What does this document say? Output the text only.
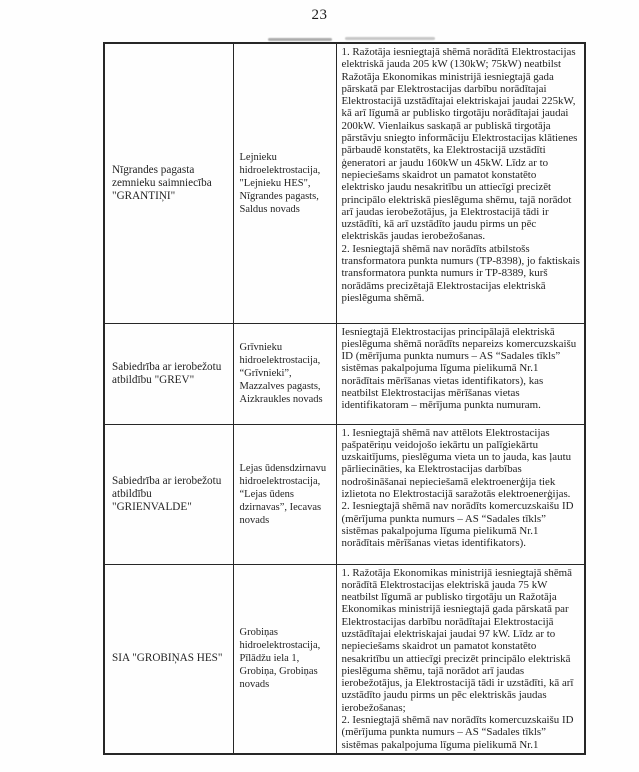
23
Nīgrandes pagasta zemnieku saimniecība "GRANTIŅI"	Lejnieku hidroelektrostacija, "Lejnieku HES", Nīgrandes pagasts, Saldus novads	1. Ražotāja iesniegtajā shēmā norādītā Elektrostacijas elektriskā jauda 205 kW (130kW; 75kW) neatbilst Ražotāja Ekonomikas ministrijā iesniegtajā gada pārskatā par Elektrostacijas darbību norādītajai Elektrostacijā uzstādītajai elektriskajai jaudai 225kW, kā arī līgumā ar publisko tirgotāju norādītajai jaudai 200kW. Vienlaikus saskaņā ar publiskā tirgotāja pārstāvju sniegto informāciju Elektrostacijas klātienes pārbaudē konstatēts, ka Elektrostacijā uzstādīti ģeneratori ar jaudu 160kW un 45kW. Līdz ar to nepieciešams skaidrot un pamatot konstatēto elektrisko jaudu nesakritību un attiecīgi precizēt principālo elektriskā pieslēguma shēmu, tajā norādot arī jaudas ierobežotājus, ja Elektrostacijā tādi ir uzstādīti, kā arī uzstādīto jaudu pirms un pēc elektriskās jaudas ierobežošanas.

2. Iesniegtajā shēmā nav norādīts atbilstošs transformatora punkta numurs (TP-8398), jo faktiskais transformatora punkta numurs ir TP-8389, kurš norādāms precizētajā Elektrostacijas elektriskā pieslēguma shēmā.

Sabiedrība ar ierobežotu atbildību "GREV"	Grīvnieku hidroelektrostacija, “Grīvnieki”, Mazzalves pagasts, Aizkraukles novads	Iesniegtajā Elektrostacijas principālajā elektriskā pieslēguma shēmā norādīts nepareizs komercuzskaišu ID (mērījuma punkta numurs – AS “Sadales tīkls” sistēmas pakalpojuma līguma pielikumā Nr.1 norādītais mērīšanas vietas identifikators), kas neatbilst Elektrostacijas mērīšanas vietas identifikatoram – mērījuma punkta numuram.

Sabiedrība ar ierobežotu atbildību "GRIENVALDE"	Lejas ūdensdzirnavu hidroelektrostacija, “Lejas ūdens dzirnavas”, Iecavas novads	1. Iesniegtajā shēmā nav attēlots Elektrostacijas pašpatēriņu veidojošo iekārtu un palīgiekārtu uzskaitījums, pieslēguma vieta un to jauda, kas ļautu pārliecināties, ka Elektrostacijas darbības nodrošināšanai nepieciešamā elektroenerģija tiek izlietota no Elektrostacijā saražotās elektroenerģijas.

2. Iesniegtajā shēmā nav norādīts komercuzskaišu ID (mērījuma punkta numurs – AS “Sadales tīkls” sistēmas pakalpojuma līguma pielikumā Nr.1 norādītais mērīšanas vietas identifikators).

SIA "GROBIŅAS HES"	Grobiņas hidroelektrostacija, Pīlādžu iela 1, Grobiņa, Grobiņas novads	1. Ražotāja Ekonomikas ministrijā iesniegtajā shēmā norādītā Elektrostacijas elektriskā jauda 75 kW neatbilst līgumā ar publisko tirgotāju un Ražotāja Ekonomikas ministrijā iesniegtajā gada pārskatā par Elektrostacijas darbību norādītajai Elektrostacijā uzstādītajai elektriskajai jaudai 97 kW. Līdz ar to nepieciešams skaidrot un pamatot konstatēto nesakritību un attiecīgi precizēt principālo elektriskā pieslēguma shēmu, tajā norādot arī jaudas ierobežotājus, ja Elektrostacijā tādi ir uzstādīti, kā arī uzstādīto jaudu pirms un pēc elektriskās jaudas ierobežošanas;

2. Iesniegtajā shēmā nav norādīts komercuzskaišu ID (mērījuma punkta numurs – AS “Sadales tīkls” sistēmas pakalpojuma līguma pielikumā Nr.1
